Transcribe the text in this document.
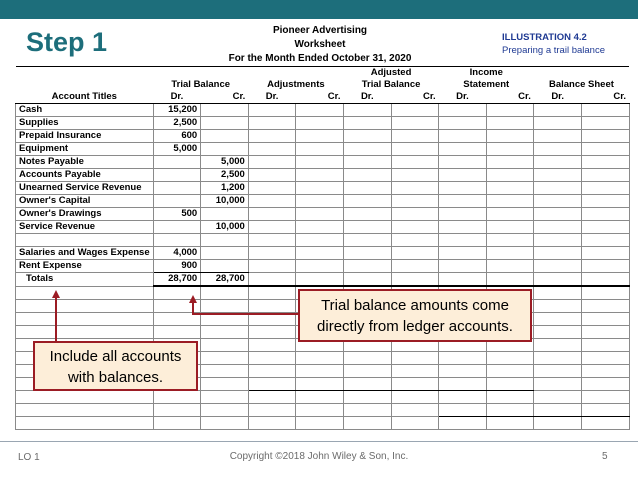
Step 1	Pioneer Advertising
Worksheet
For the Month Ended October 31, 2020
ILLUSTRATION 4.2
Preparing a trail balance
					Adjusted		Income			
	Trial Balance		Adjustments		Trial Balance		Statement		Balance Sheet	
Account Titles	Dr.	Cr.	Dr.	Cr.	Dr.	Cr.	Dr.	Cr.	Dr.	Cr.
Cash	15,200									
Supplies	2,500									
Prepaid Insurance	600									
Equipment	5,000									
Notes Payable		5,000								
Accounts Payable		2,500								
Unearned Service Revenue		1,200								
Owner's Capital		10,000								
Owner's Drawings	500									
Service Revenue		10,000								

Salaries and Wages Expense	4,000									
Rent Expense	900									
Totals	28,700	28,700								

Trial balance amounts come
directly from ledger accounts.
Include all accounts
with balances.
Copyright ©2018 John Wiley & Son, Inc.
LO 1	5
